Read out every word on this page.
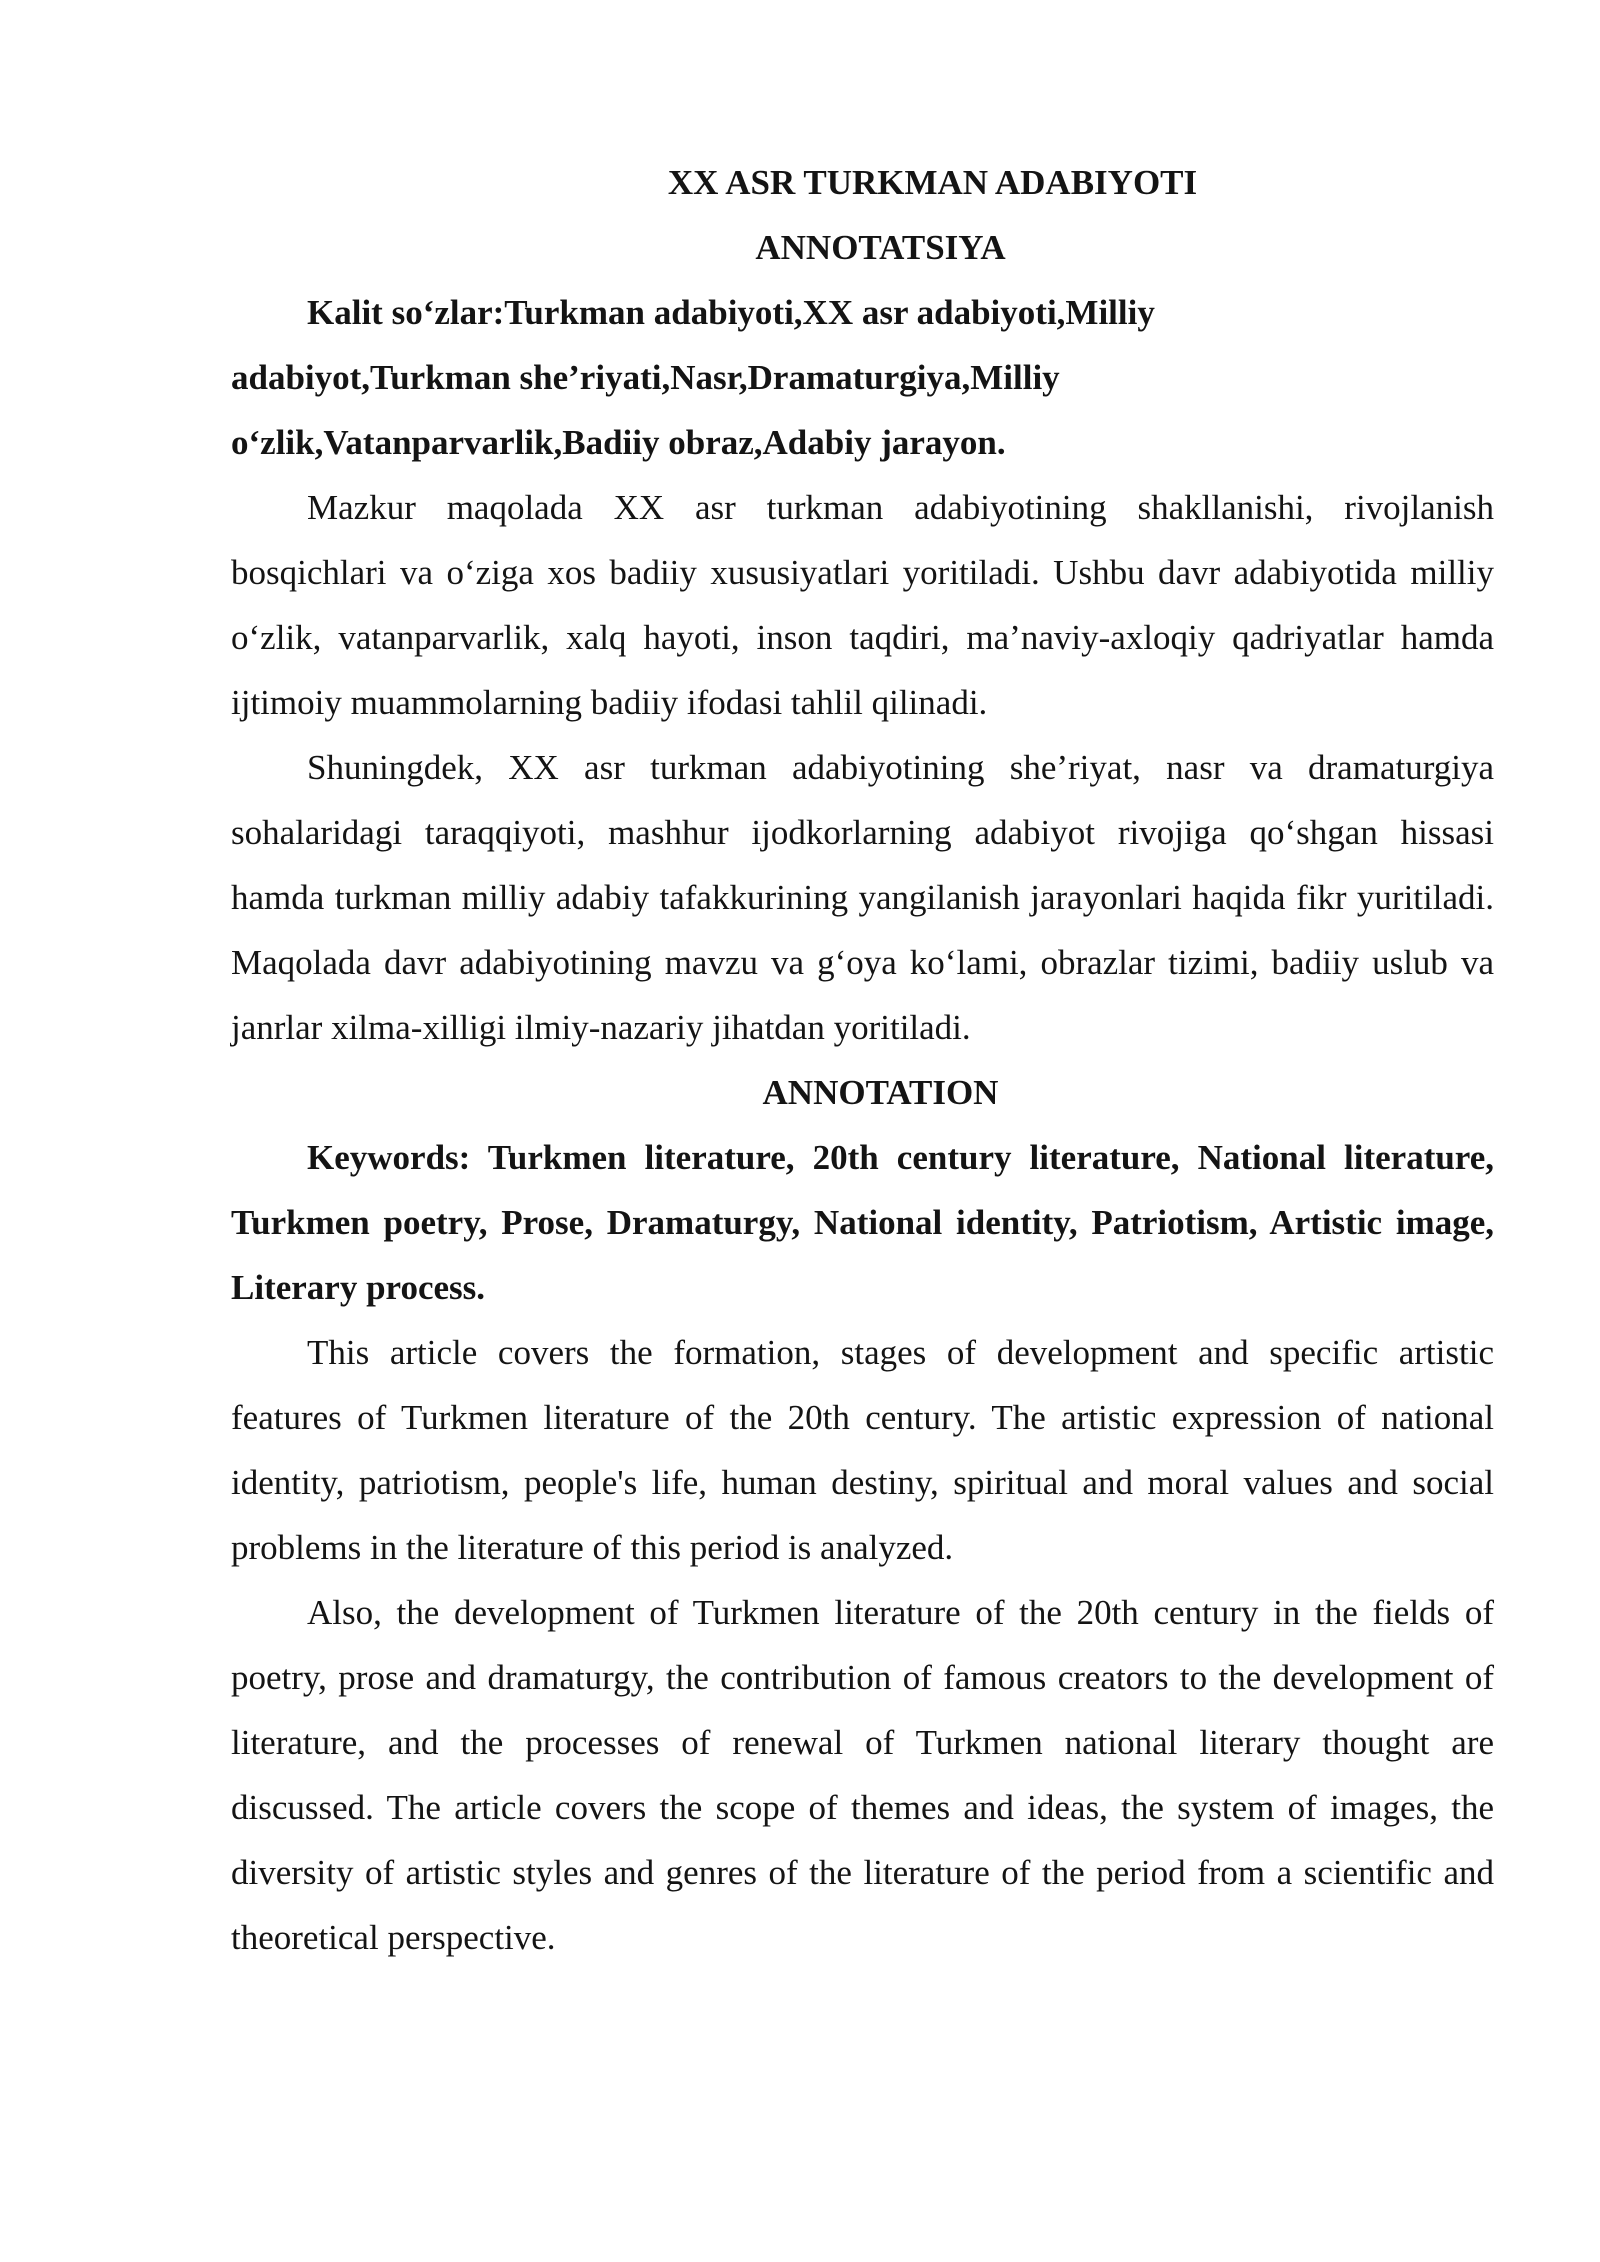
XX ASR TURKMAN ADABIYOTI

ANNOTATSIYA

Kalit so‘zlar:Turkman adabiyoti,XX asr adabiyoti,Milliy

adabiyot,Turkman she’riyati,Nasr,Dramaturgiya,Milliy

o‘zlik,Vatanparvarlik,Badiiy obraz,Adabiy jarayon.

Mazkur maqolada XX asr turkman adabiyotining shakllanishi, rivojlanish bosqichlari va o‘ziga xos badiiy xususiyatlari yoritiladi. Ushbu davr adabiyotida milliy o‘zlik, vatanparvarlik, xalq hayoti, inson taqdiri, ma’naviy-axloqiy qadriyatlar hamda ijtimoiy muammolarning badiiy ifodasi tahlil qilinadi.

Shuningdek, XX asr turkman adabiyotining she’riyat, nasr va dramaturgiya sohalaridagi taraqqiyoti, mashhur ijodkorlarning adabiyot rivojiga qo‘shgan hissasi hamda turkman milliy adabiy tafakkurining yangilanish jarayonlari haqida fikr yuritiladi. Maqolada davr adabiyotining mavzu va g‘oya ko‘lami, obrazlar tizimi, badiiy uslub va janrlar xilma-xilligi ilmiy-nazariy jihatdan yoritiladi.

ANNOTATION

Keywords: Turkmen literature, 20th century literature, National literature, Turkmen poetry, Prose, Dramaturgy, National identity, Patriotism, Artistic image, Literary process.

This article covers the formation, stages of development and specific artistic features of Turkmen literature of the 20th century. The artistic expression of national identity, patriotism, people's life, human destiny, spiritual and moral values and social problems in the literature of this period is analyzed.

Also, the development of Turkmen literature of the 20th century in the fields of poetry, prose and dramaturgy, the contribution of famous creators to the development of literature, and the processes of renewal of Turkmen national literary thought are discussed. The article covers the scope of themes and ideas, the system of images, the diversity of artistic styles and genres of the literature of the period from a scientific and theoretical perspective.
